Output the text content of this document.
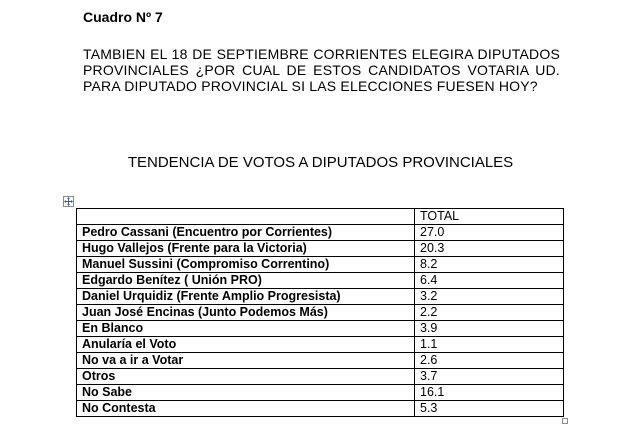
Cuadro Nº 7

TAMBIEN EL 18 DE SEPTIEMBRE CORRIENTES ELEGIRA DIPUTADOS PROVINCIALES ¿POR CUAL DE ESTOS CANDIDATOS VOTARIA UD. PARA DIPUTADO PROVINCIAL SI LAS ELECCIONES FUESEN HOY?

TENDENCIA DE VOTOS A DIPUTADOS PROVINCIALES

	TOTAL
Pedro Cassani (Encuentro por Corrientes)	27.0
Hugo Vallejos (Frente para la Victoria)	20.3
Manuel Sussini (Compromiso Correntino)	8.2
Edgardo Benítez ( Unión PRO)	6.4
Daniel Urquidiz (Frente Amplio Progresista)	3.2
Juan José Encinas (Junto Podemos Más)	2.2
En Blanco	3.9
Anularía el Voto	1.1
No va a ir a Votar	2.6
Otros	3.7
No Sabe	16.1
No Contesta	5.3
